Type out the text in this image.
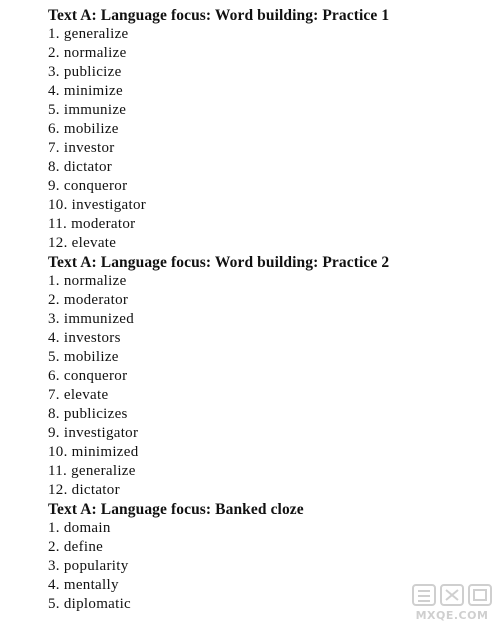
Text A: Language focus: Word building: Practice 1
1. generalize
2. normalize
3. publicize
4. minimize
5. immunize
6. mobilize
7. investor
8. dictator
9. conqueror
10. investigator
11. moderator
12. elevate
Text A: Language focus: Word building: Practice 2
1. normalize
2. moderator
3. immunized
4. investors
5. mobilize
6. conqueror
7. elevate
8. publicizes
9. investigator
10. minimized
11. generalize
12. dictator
Text A: Language focus: Banked cloze
1. domain
2. define
3. popularity
4. mentally
5. diplomatic
MXQE.COM
